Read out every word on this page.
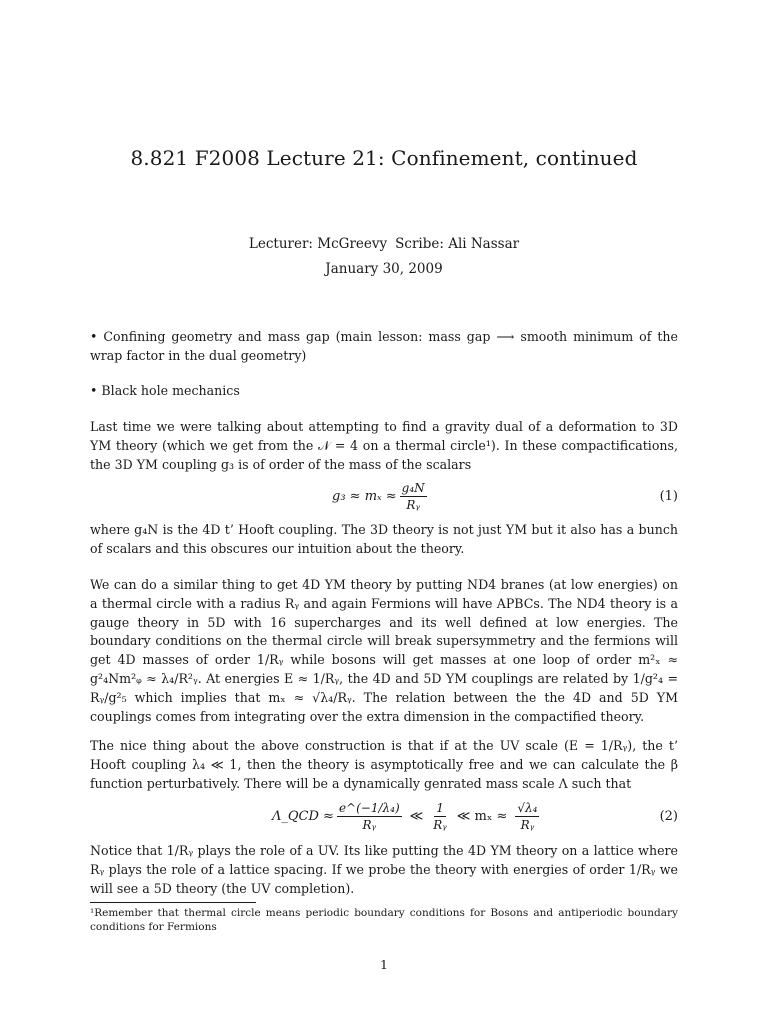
8.821 F2008 Lecture 21: Confinement, continued
Lecturer: McGreevy Scribe: Ali Nassar
January 30, 2009
• Confining geometry and mass gap (main lesson: mass gap ⟶ smooth minimum of the wrap factor in the dual geometry)
• Black hole mechanics
Last time we were talking about attempting to find a gravity dual of a deformation to 3D YM theory (which we get from the 𝒩 = 4 on a thermal circle¹). In these compactifications, the 3D YM coupling g₃ is of order of the mass of the scalars
$g_3 \approx m_x \approx \frac{\text{g₄N}}{\text{Rᵧ}}$	(1)
where g₄N is the 4D t’ Hooft coupling. The 3D theory is not just YM but it also has a bunch of scalars and this obscures our intuition about the theory.
We can do a similar thing to get 4D YM theory by putting ND4 branes (at low energies) on a thermal circle with a radius Rᵧ and again Fermions will have APBCs. The ND4 theory is a gauge theory in 5D with 16 supercharges and its well defined at low energies. The boundary conditions on the thermal circle will break supersymmetry and the fermions will get 4D masses of order 1/Rᵧ while bosons will get masses at one loop of order m²ₓ ≈ g²₄Nm²ᵩ ≈ λ₄/R²ᵧ. At energies E ≈ 1/Rᵧ, the 4D and 5D YM couplings are related by 1/g²₄ = Rᵧ/g²₅ which implies that mₓ ≈ √λ₄/Rᵧ. The relation between the the 4D and 5D YM couplings comes from integrating over the extra dimension in the compactified theory.
The nice thing about the above construction is that if at the UV scale (E = 1/Rᵧ), the t’ Hooft coupling λ₄ ≪ 1, then the theory is asymptotically free and we can calculate the β function perturbatively. There will be a dynamically genrated mass scale Λ such that
Λ_QCD ≈ $\frac{\text{e\textasciicircum{}(−1/λ₄)}}{\text{Rᵧ}}$ ≪ $\frac{1}{\text{Rᵧ}}$ ≪ $m_x \approx \frac{\text{√λ₄}}{\text{Rᵧ}}$	(2)
Notice that 1/Rᵧ plays the role of a UV. Its like putting the 4D YM theory on a lattice where Rᵧ plays the role of a lattice spacing. If we probe the theory with energies of order 1/Rᵧ we will see a 5D theory (the UV completion).
¹Remember that thermal circle means periodic boundary conditions for Bosons and antiperiodic boundary conditions for Fermions
1
